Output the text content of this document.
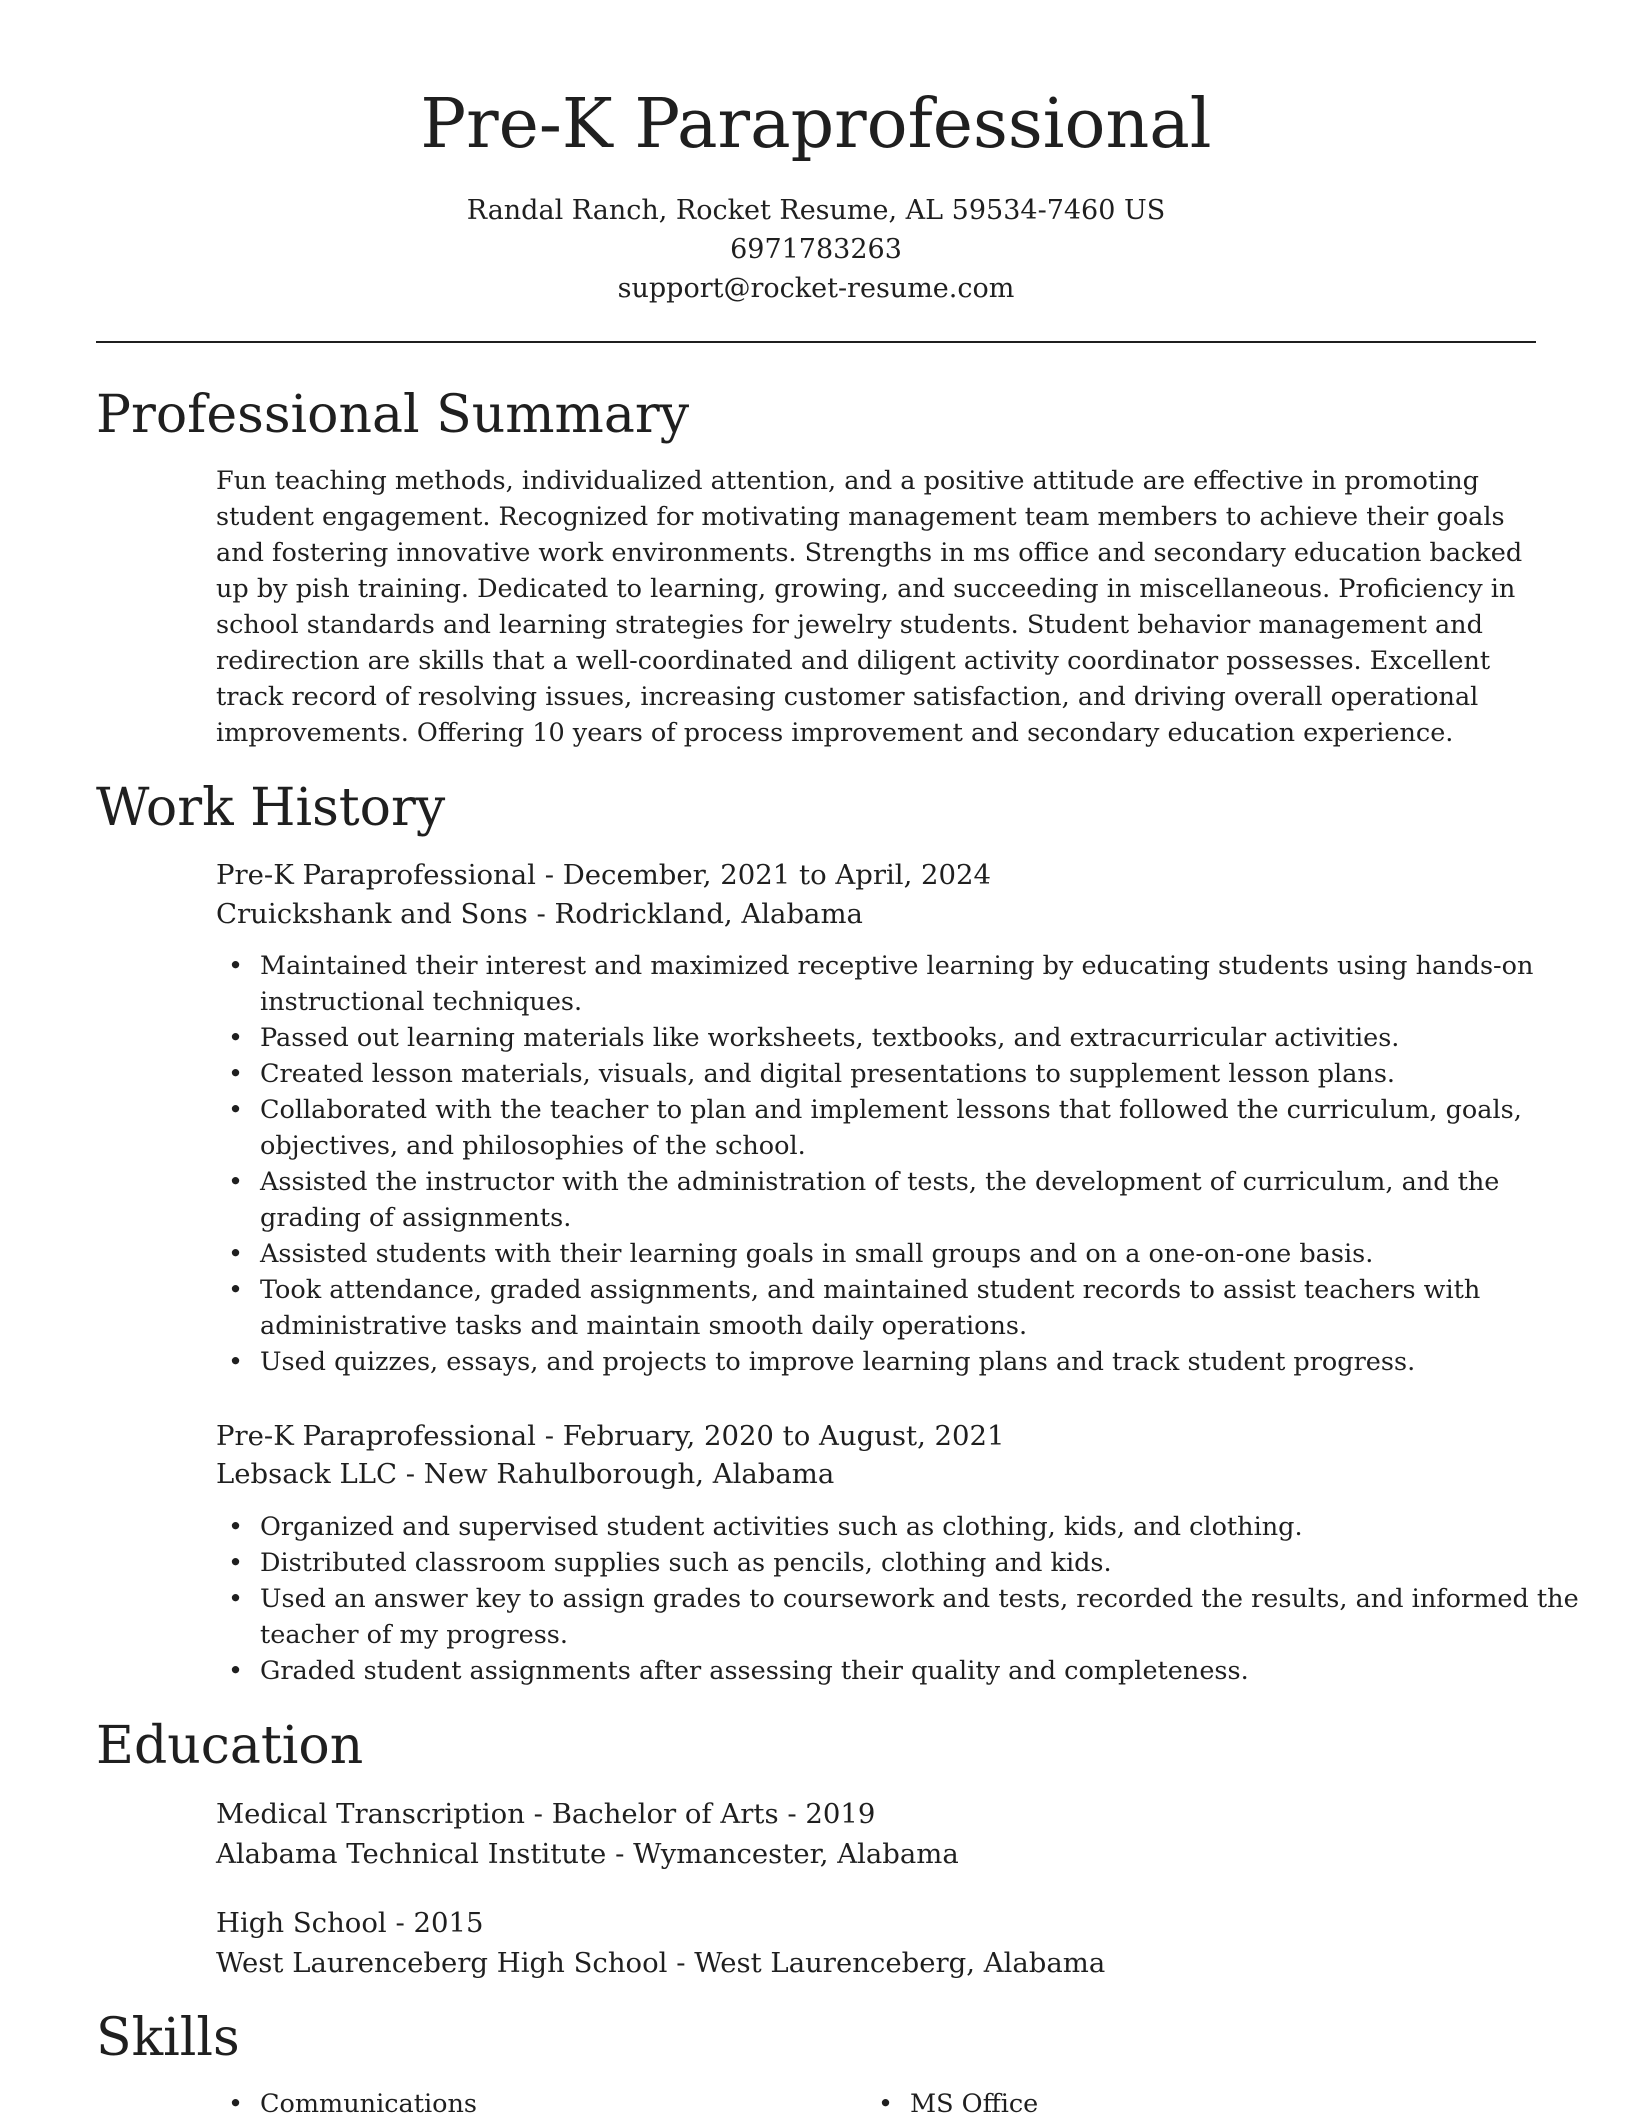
Pre-K Paraprofessional

Randal Ranch, Rocket Resume, AL 59534-7460 US

6971783263

support@rocket-resume.com

Professional Summary

Fun teaching methods, individualized attention, and a positive attitude are effective in promoting student engagement. Recognized for motivating management team members to achieve their goals and fostering innovative work environments. Strengths in ms office and secondary education backed up by pish training. Dedicated to learning, growing, and succeeding in miscellaneous. Proficiency in school standards and learning strategies for jewelry students. Student behavior management and redirection are skills that a well-coordinated and diligent activity coordinator possesses. Excellent track record of resolving issues, increasing customer satisfaction, and driving overall operational improvements. Offering 10 years of process improvement and secondary education experience.

Work History

Pre-K Paraprofessional - December, 2021 to April, 2024

Cruickshank and Sons - Rodrickland, Alabama

• Maintained their interest and maximized receptive learning by educating students using hands-on instructional techniques.
• Passed out learning materials like worksheets, textbooks, and extracurricular activities.
• Created lesson materials, visuals, and digital presentations to supplement lesson plans.
• Collaborated with the teacher to plan and implement lessons that followed the curriculum, goals, objectives, and philosophies of the school.
• Assisted the instructor with the administration of tests, the development of curriculum, and the grading of assignments.
• Assisted students with their learning goals in small groups and on a one-on-one basis.
• Took attendance, graded assignments, and maintained student records to assist teachers with administrative tasks and maintain smooth daily operations.
• Used quizzes, essays, and projects to improve learning plans and track student progress.

Pre-K Paraprofessional - February, 2020 to August, 2021

Lebsack LLC - New Rahulborough, Alabama

• Organized and supervised student activities such as clothing, kids, and clothing.
• Distributed classroom supplies such as pencils, clothing and kids.
• Used an answer key to assign grades to coursework and tests, recorded the results, and informed the teacher of my progress.
• Graded student assignments after assessing their quality and completeness.
Education

Medical Transcription - Bachelor of Arts - 2019

Alabama Technical Institute - Wymancester, Alabama

High School - 2015

West Laurenceberg High School - West Laurenceberg, Alabama

Skills
• Communications
•	MS Office
